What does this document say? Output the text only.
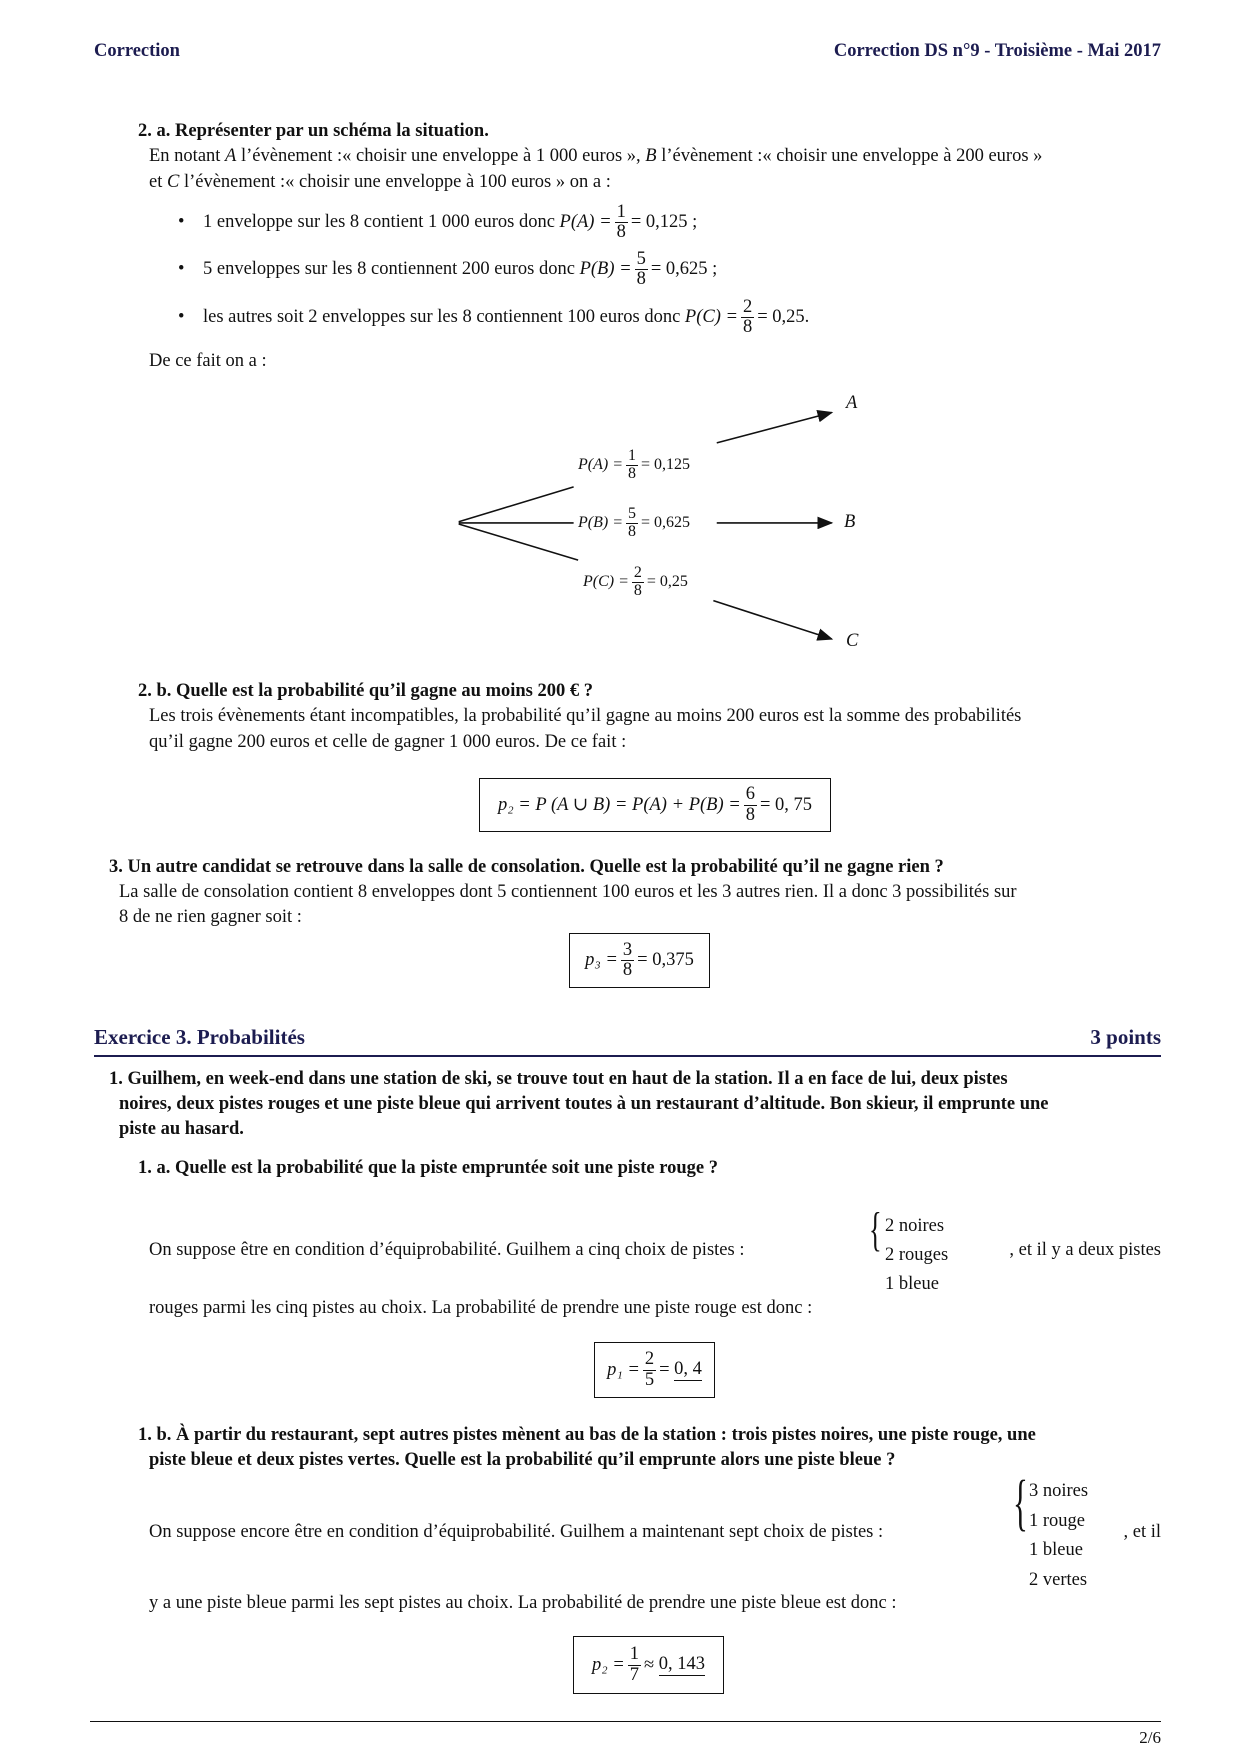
Correction	Correction DS n°9 - Troisième - Mai 2017
2. a. Représenter par un schéma la situation.
En notant A l’évènement :« choisir une enveloppe à 1 000 euros », B l’évènement :« choisir une enveloppe à 200 euros »
et C l’évènement :« choisir une enveloppe à 100 euros » on a :
•    1 enveloppe sur les 8 contient 1 000 euros donc $P(A) = \frac{1}{8} = 0,125$ ;
•    5 enveloppes sur les 8 contiennent 200 euros donc $P(B) = \frac{5}{8} = 0,625$ ;
•    les autres soit 2 enveloppes sur les 8 contiennent 100 euros donc $P(C) = \frac{2}{8} = 0,25$.
De ce fait on a :
$P(A) = \frac{1}{8} = 0,125$
$P(B) = \frac{5}{8} = 0,625$
$P(C) = \frac{2}{8} = 0,25$
A
B
C
2. b. Quelle est la probabilité qu’il gagne au moins 200 € ?
Les trois évènements étant incompatibles, la probabilité qu’il gagne au moins 200 euros est la somme des probabilités
qu’il gagne 200 euros et celle de gagner 1 000 euros. De ce fait :
p₂ = P (A ∪ $B) = P(A) + P(B) = \frac{6}{8} = 0$, 75
3. Un autre candidat se retrouve dans la salle de consolation. Quelle est la probabilité qu’il ne gagne rien ?
La salle de consolation contient 8 enveloppes dont 5 contiennent 100 euros et les 3 autres rien. Il a donc 3 possibilités sur
8 de ne rien gagner soit :
$p_3 = \frac{3}{8} = 0,375$
Exercice 3. Probabilités	3 points
1. Guilhem, en week-end dans une station de ski, se trouve tout en haut de la station. Il a en face de lui, deux pistes
noires, deux pistes rouges et une piste bleue qui arrivent toutes à un restaurant d’altitude. Bon skieur, il emprunte une
piste au hasard.
1. a. Quelle est la probabilité que la piste empruntée soit une piste rouge ?
On suppose être en condition d’équiprobabilité. Guilhem a cinq choix de pistes :	{ 2 noires
2 rouges
1 bleue
, et il y a deux pistes
rouges parmi les cinq pistes au choix. La probabilité de prendre une piste rouge est donc :
$p_1 = \frac{2}{5}$ =
0, 4
1. b. À partir du restaurant, sept autres pistes mènent au bas de la station : trois pistes noires, une piste rouge, une
piste bleue et deux pistes vertes. Quelle est la probabilité qu’il emprunte alors une piste bleue ?
On suppose encore être en condition d’équiprobabilité. Guilhem a maintenant sept choix de pistes : { 3 noires
1 rouge
1 bleue
2 vertes
, et il
y a une piste bleue parmi les sept pistes au choix. La probabilité de prendre une piste bleue est donc :
$p_2 = \frac{1}{7}$ ≈
0, 143
2/6
